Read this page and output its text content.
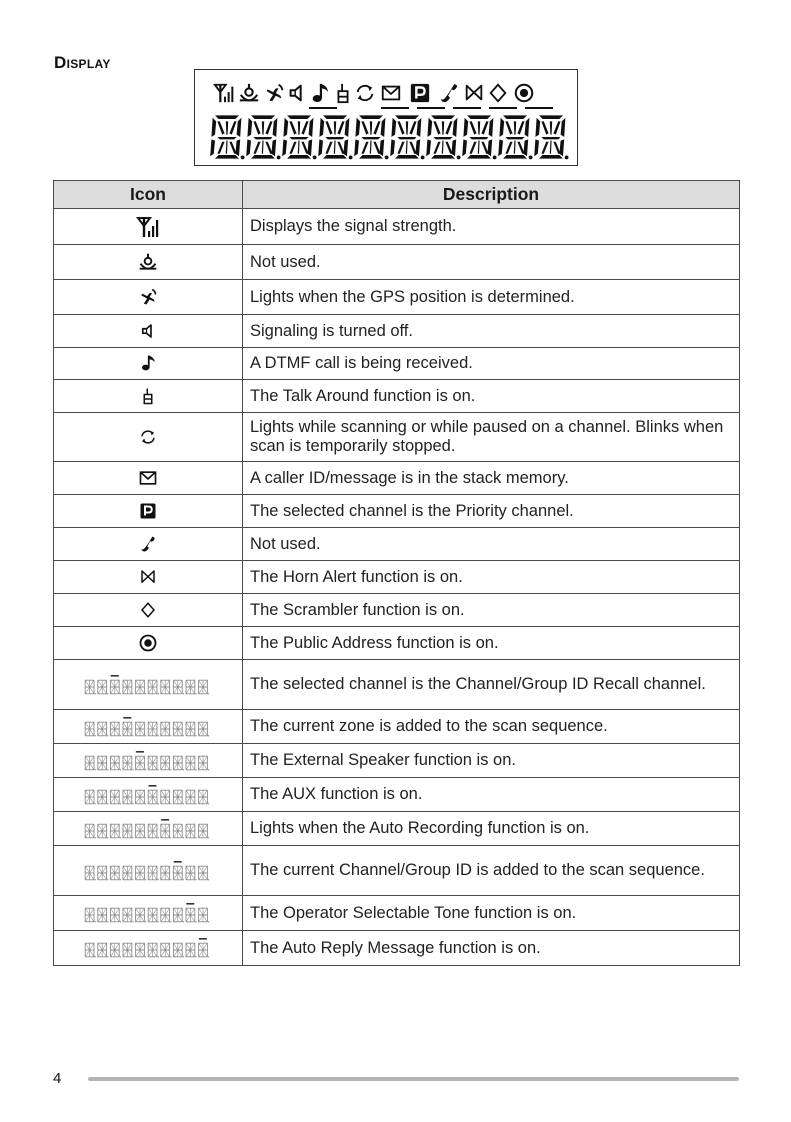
Display
Icon	Description
	Displays the signal strength.
	Not used.
	Lights when the GPS position is determined.
	Signaling is turned off.
	A DTMF call is being received.
	The Talk Around function is on.
	Lights while scanning or while paused on a channel. Blinks when scan is temporarily stopped.
	A caller ID/message is in the stack memory.
	The selected channel is the Priority channel.
	Not used.
	The Horn Alert function is on.
	The Scrambler function is on.
	The Public Address function is on.
	The selected channel is the Channel/Group ID Recall channel.
	The current zone is added to the scan sequence.
	The External Speaker function is on.
	The AUX function is on.
	Lights when the Auto Recording function is on.
	The current Channel/Group ID is added to the scan sequence.
	The Operator Selectable Tone function is on.
	The Auto Reply Message function is on.
4
